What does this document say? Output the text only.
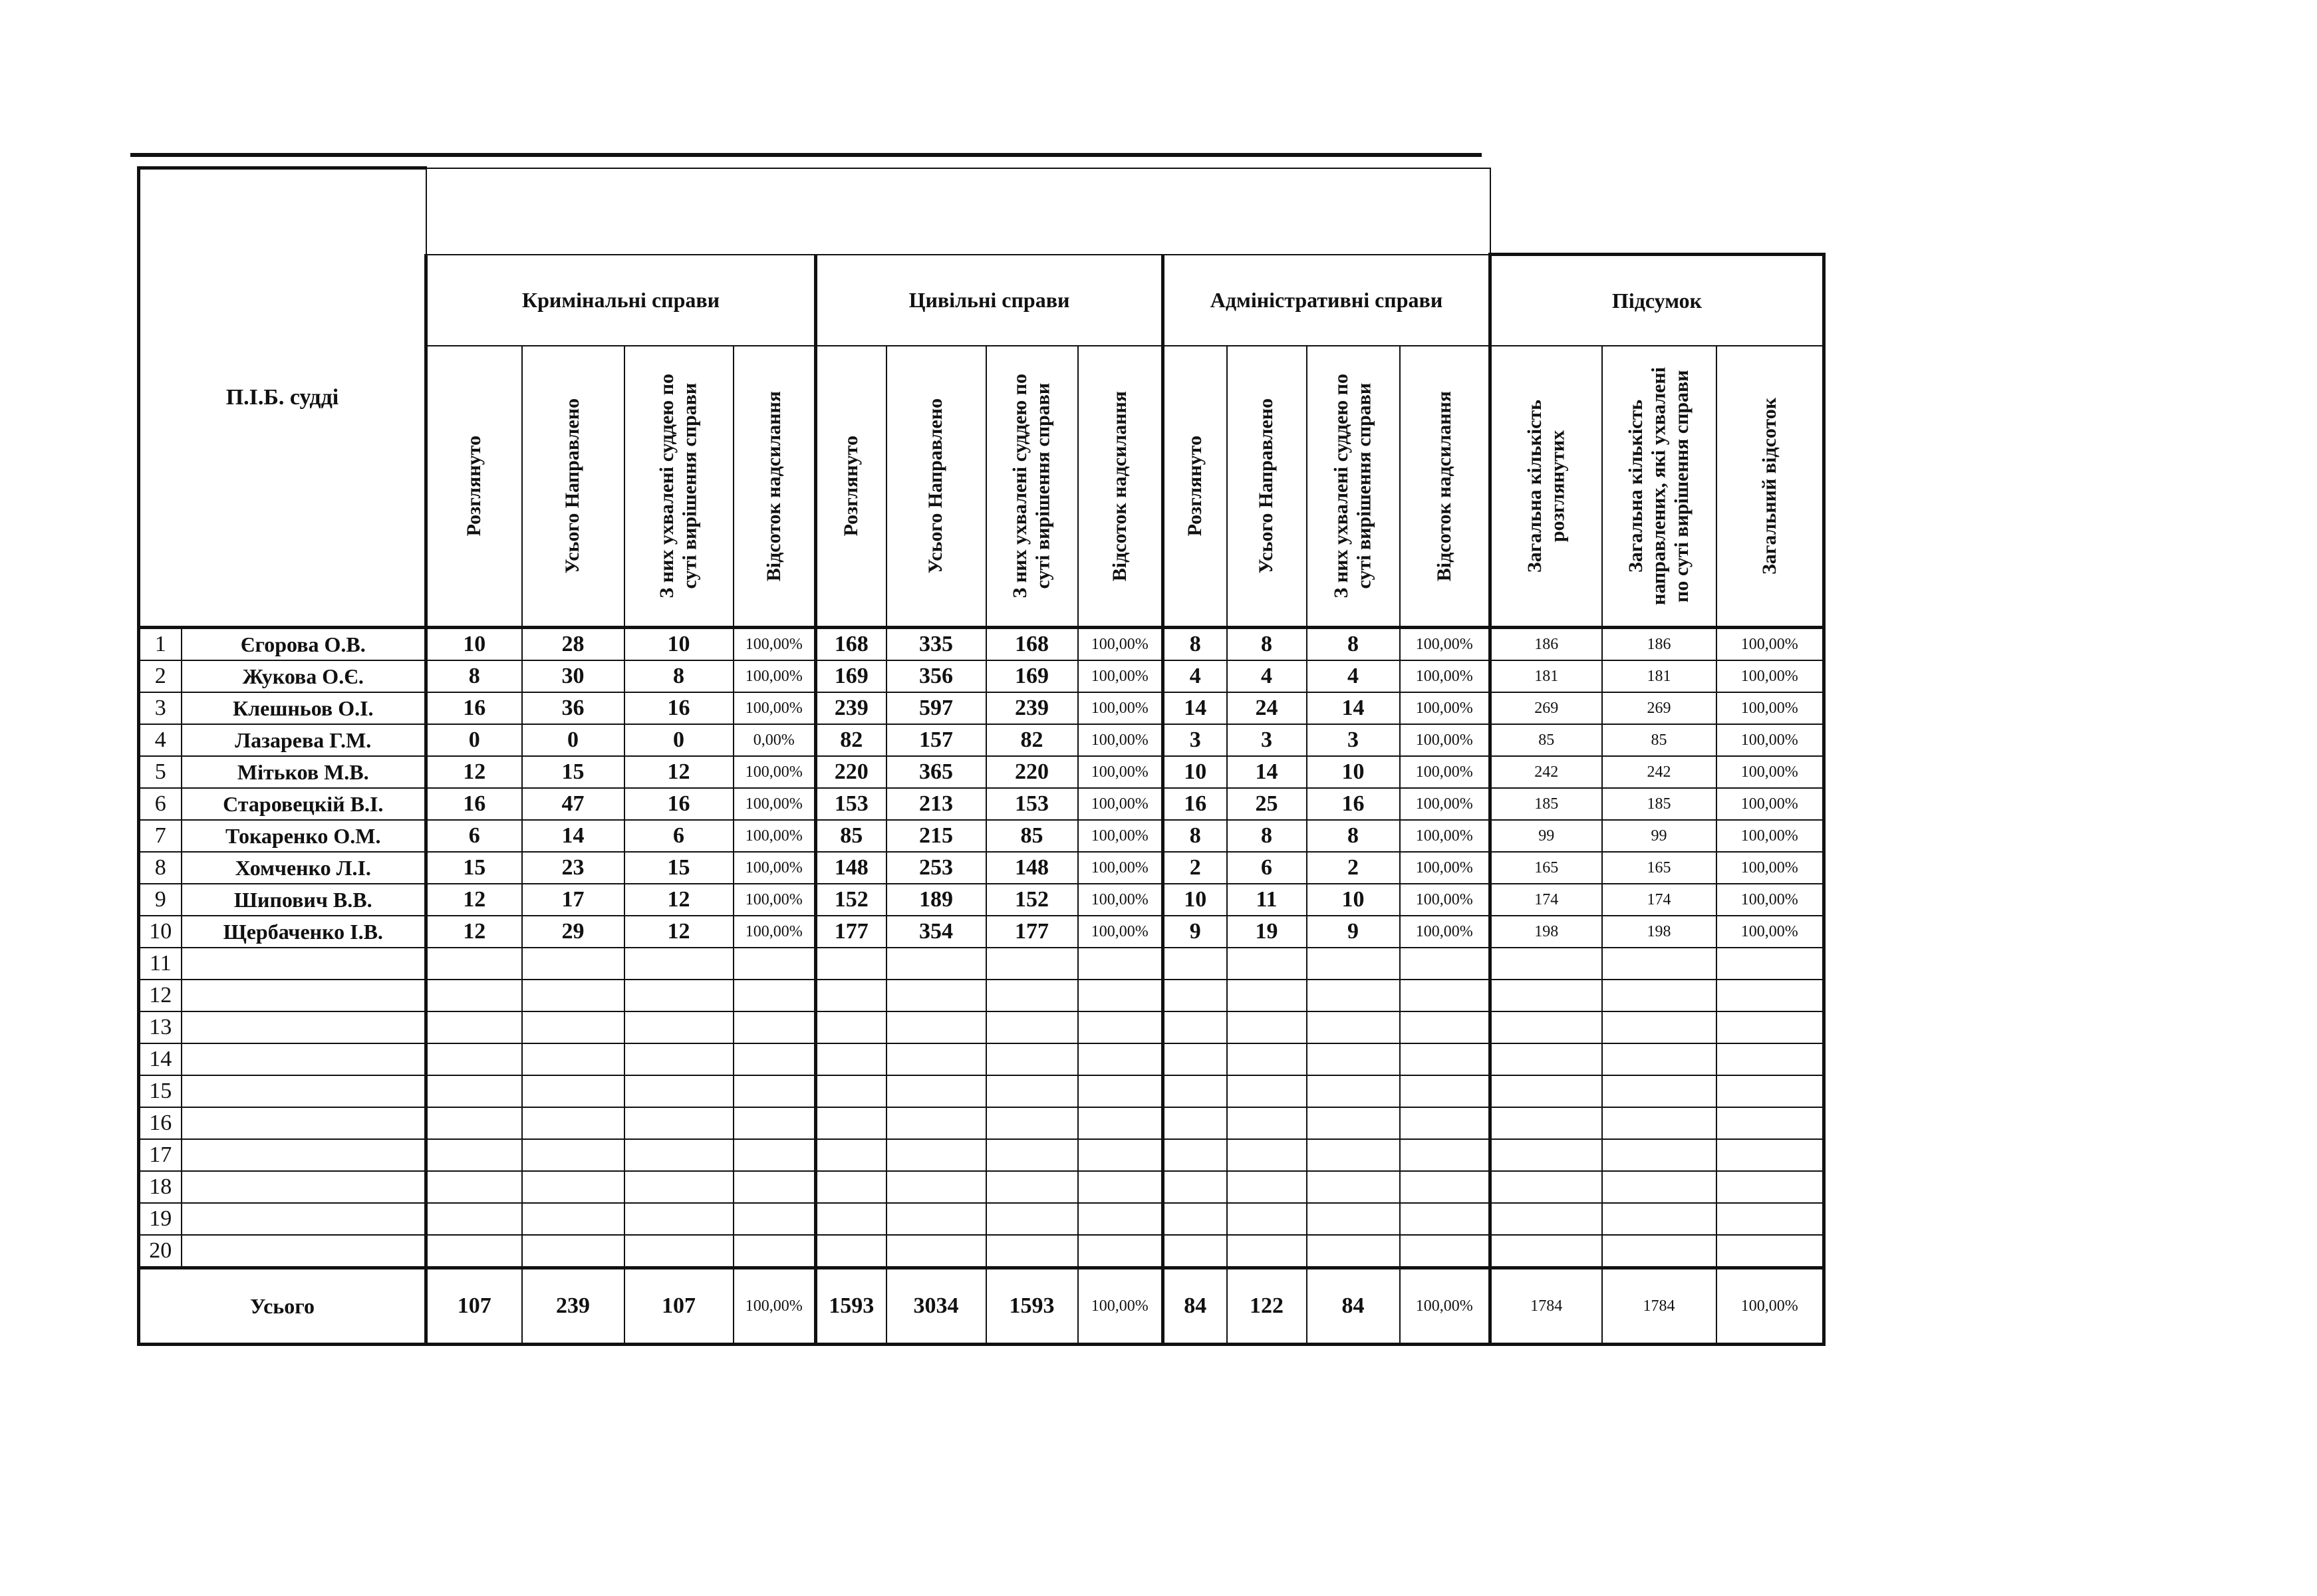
П.І.Б. судді																
		Кримінальні справи				Цивільні справи				Адміністративні справи				Підсумок		

		Розглянуто	Усього Направлено	З них ухвалені суддею по
суті вирішення справи	Відсоток надсилання	Розглянуто	Усього Направлено	З них ухвалені суддею по
суті вирішення справи	Відсоток надсилання	Розглянуто	Усього Направлено	З них ухвалені суддею по
суті вирішення справи	Відсоток надсилання	Загальна кількість
розглянутих	Загальна кількість
направлених, які ухвалені
по суті вирішення справи	Загальний відсоток

1	Єгорова О.В.	10	28	10	100,00%	168	335	168	100,00%	8	8	8	100,00%	186	186	100,00%
2	Жукова О.Є.	8	30	8	100,00%	169	356	169	100,00%	4	4	4	100,00%	181	181	100,00%
3	Клешньов О.І.	16	36	16	100,00%	239	597	239	100,00%	14	24	14	100,00%	269	269	100,00%
4	Лазарева Г.М.	0	0	0	0,00%	82	157	82	100,00%	3	3	3	100,00%	85	85	100,00%
5	Мітьков М.В.	12	15	12	100,00%	220	365	220	100,00%	10	14	10	100,00%	242	242	100,00%
6	Старовецкій В.І.	16	47	16	100,00%	153	213	153	100,00%	16	25	16	100,00%	185	185	100,00%
7	Токаренко О.М.	6	14	6	100,00%	85	215	85	100,00%	8	8	8	100,00%	99	99	100,00%
8	Хомченко Л.І.	15	23	15	100,00%	148	253	148	100,00%	2	6	2	100,00%	165	165	100,00%
9	Шипович В.В.	12	17	12	100,00%	152	189	152	100,00%	10	11	10	100,00%	174	174	100,00%
10	Щербаченко І.В.	12	29	12	100,00%	177	354	177	100,00%	9	19	9	100,00%	198	198	100,00%
11																
12																
13																
14																
15																
16																
17																
18																
19																
20																
Усього		107	239	107	100,00%	1593	3034	1593	100,00%	84	122	84	100,00%	1784	1784	100,00%
